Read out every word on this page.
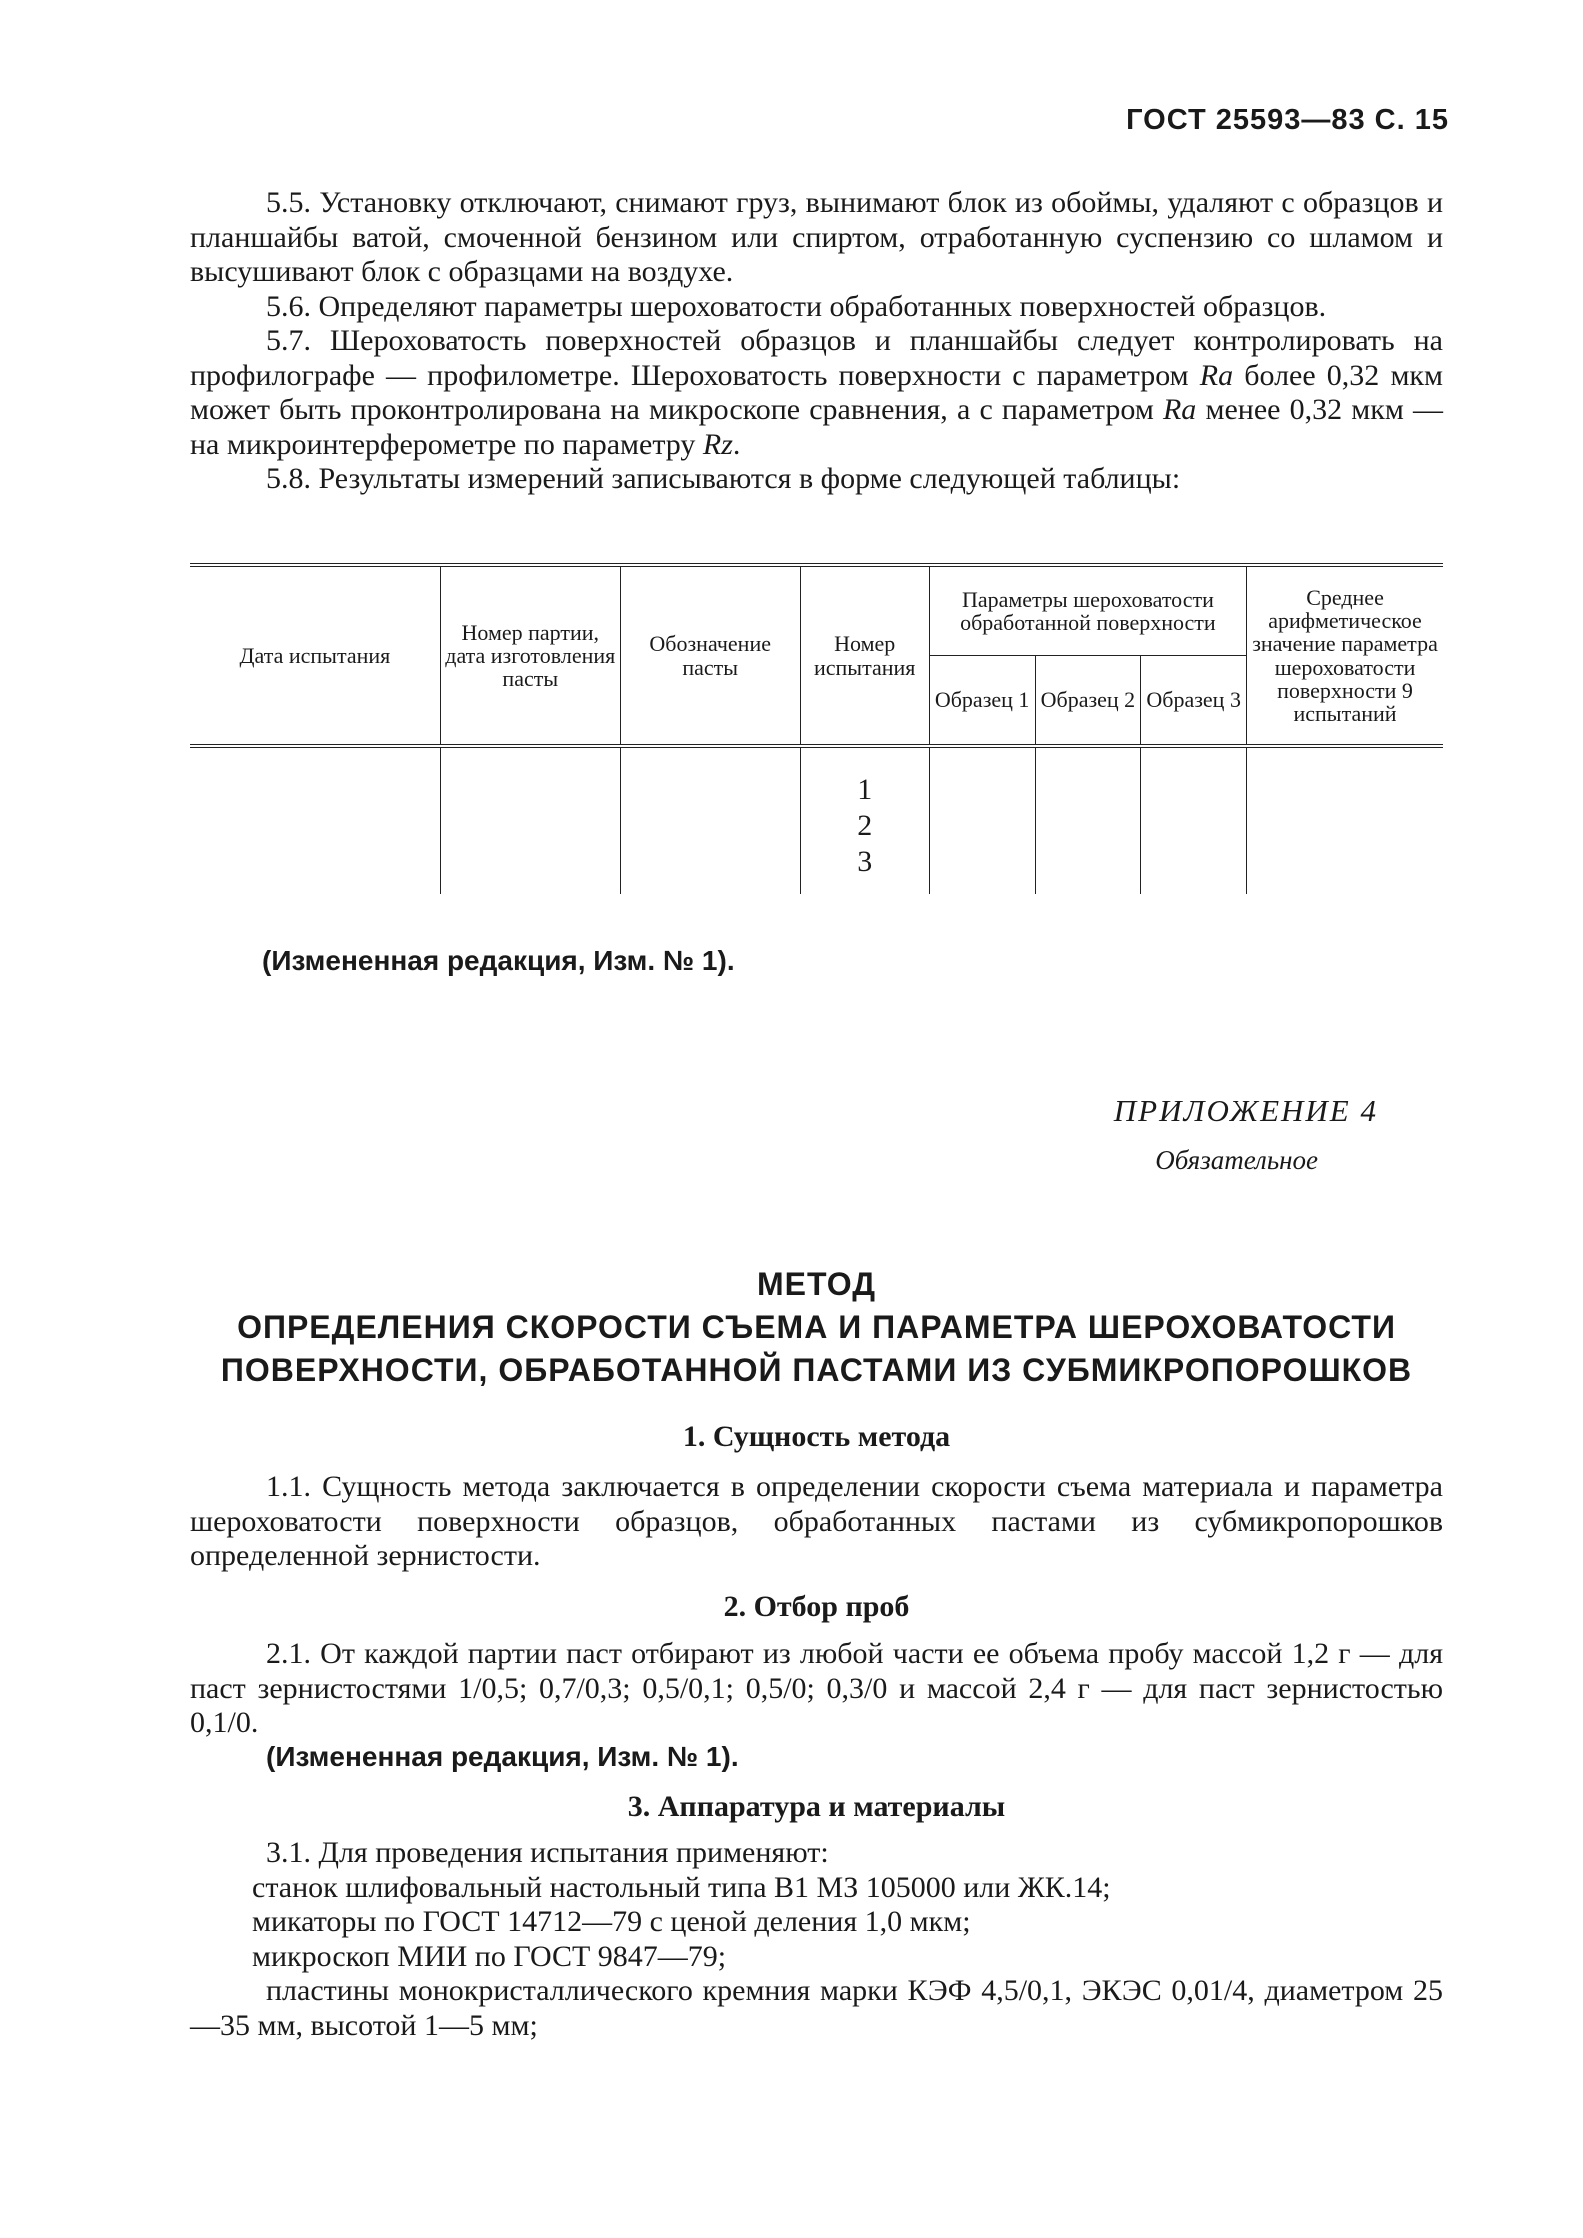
ГОСТ 25593—83 С. 15

5.5. Установку отключают, снимают груз, вынимают блок из обоймы, удаляют с образцов и планшайбы ватой, смоченной бензином или спиртом, отработанную суспензию со шламом и высушивают блок с образцами на воздухе.

5.6. Определяют параметры шероховатости обработанных поверхностей образцов.

5.7. Шероховатость поверхностей образцов и планшайбы следует контролировать на профилографе — профилометре. Шероховатость поверхности с параметром Ra более 0,32 мкм может быть проконтролирована на микроскопе сравнения, а с параметром Ra менее 0,32 мкм — на микроинтерферометре по параметру Rz.

5.8. Результаты измерений записываются в форме следующей таблицы:

Дата испытания	Номер партии, дата изготовления пасты	Обозначение пасты	Номер испытания	Параметры шероховатости обработанной поверхности			Среднее арифметическое значение параметра шероховатости поверхности 9 испытаний
				Образец 1	Образец 2	Образец 3	

			1
2
3				

(Измененная редакция, Изм. № 1).
ПРИЛОЖЕНИЕ 4
Обязательное
МЕТОД
ОПРЕДЕЛЕНИЯ СКОРОСТИ СЪЕМА И ПАРАМЕТРА ШЕРОХОВАТОСТИ
ПОВЕРХНОСТИ, ОБРАБОТАННОЙ ПАСТАМИ ИЗ СУБМИКРОПОРОШКОВ
1. Сущность метода

1.1. Сущность метода заключается в определении скорости съема материала и параметра шероховатости поверхности образцов, обработанных пастами из субмикропорошков определенной зернистости.

2. Отбор проб

2.1. От каждой партии паст отбирают из любой части ее объема пробу массой 1,2 г — для паст зернистостями 1/0,5; 0,7/0,3; 0,5/0,1; 0,5/0; 0,3/0 и массой 2,4 г — для паст зернистостью 0,1/0.

(Измененная редакция, Изм. № 1).

3. Аппаратура и материалы

3.1. Для проведения испытания применяют:

станок шлифовальный настольный типа В1 МЗ 105000 или ЖК.14;

микаторы по ГОСТ 14712—79 с ценой деления 1,0 мкм;

микроскоп МИИ по ГОСТ 9847—79;

пластины монокристаллического кремния марки КЭФ 4,5/0,1, ЭКЭС 0,01/4, диаметром 25—35 мм, высотой 1—5 мм;
